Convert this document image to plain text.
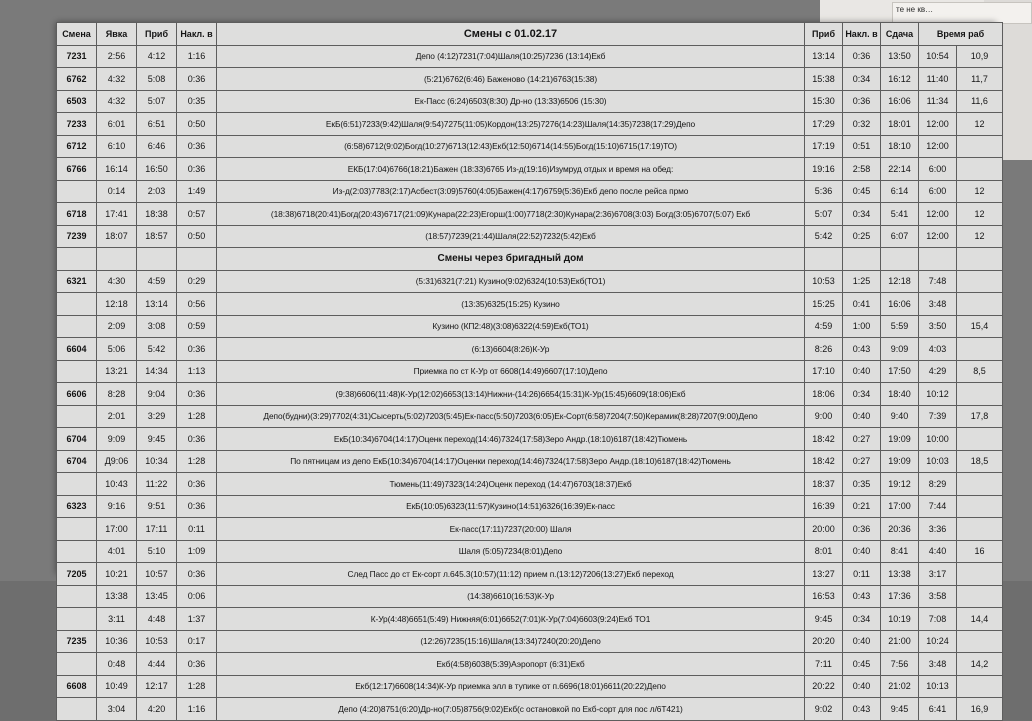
те не кв…
Смена	Явка	Приб	Накл. в	Смены с 01.02.17	Приб	Накл. в	Сдача	Время раб	
7231	2:56	4:12	1:16	Депо (4:12)7231(7:04)Шаля(10:25)7236 (13:14)Екб	13:14	0:36	13:50	10:54	10,9
6762	4:32	5:08	0:36	(5:21)6762(6:46) Баженово (14:21)6763(15:38)	15:38	0:34	16:12	11:40	11,7
6503	4:32	5:07	0:35	Ек-Пасс (6:24)6503(8:30) Др-но (13:33)6506 (15:30)	15:30	0:36	16:06	11:34	11,6
7233	6:01	6:51	0:50	ЕкБ(6:51)7233(9:42)Шаля(9:54)7275(11:05)Кордон(13:25)7276(14:23)Шаля(14:35)7238(17:29)Депо	17:29	0:32	18:01	12:00	12
6712	6:10	6:46	0:36	(6:58)6712(9:02)Богд(10:27)6713(12:43)Екб(12:50)6714(14:55)Богд(15:10)6715(17:19)ТО)	17:19	0:51	18:10	12:00	
6766	16:14	16:50	0:36	ЕКБ(17:04)6766(18:21)Бажен (18:33)6765 Из-д(19:16)Изумруд отдых и время на обед:	19:16	2:58	22:14	6:00	
	0:14	2:03	1:49	Из-д(2:03)7783(2:17)Асбест(3:09)5760(4:05)Бажен(4:17)6759(5:36)Екб депо после рейса прмо	5:36	0:45	6:14	6:00	12
6718	17:41	18:38	0:57	(18:38)6718(20:41)Богд(20:43)6717(21:09)Кунара(22:23)Егорш(1:00)7718(2:30)Кунара(2:36)6708(3:03) Богд(3:05)6707(5:07) Екб	5:07	0:34	5:41	12:00	12
7239	18:07	18:57	0:50	(18:57)7239(21:44)Шаля(22:52)7232(5:42)Екб	5:42	0:25	6:07	12:00	12
				Смены через бригадный дом					
6321	4:30	4:59	0:29	(5:31)6321(7:21) Кузино(9:02)6324(10:53)Екб(ТО1)	10:53	1:25	12:18	7:48	
	12:18	13:14	0:56	(13:35)6325(15:25) Кузино	15:25	0:41	16:06	3:48	
	2:09	3:08	0:59	Кузино (КП2:48)(3:08)6322(4:59)Екб(ТО1)	4:59	1:00	5:59	3:50	15,4
6604	5:06	5:42	0:36	(6:13)6604(8:26)К-Ур	8:26	0:43	9:09	4:03	
	13:21	14:34	1:13	Приемка по ст К-Ур от 6608(14:49)6607(17:10)Депо	17:10	0:40	17:50	4:29	8,5
6606	8:28	9:04	0:36	(9:38)6606(11:48)К-Ур(12:02)6653(13:14)Нижни-(14:26)6654(15:31)К-Ур(15:45)6609(18:06)Екб	18:06	0:34	18:40	10:12	
	2:01	3:29	1:28	Депо(будни)(3:29)7702(4:31)Сысерть(5:02)7203(5:45)Ек-пасс(5:50)7203(6:05)Ек-Сорт(6:58)7204(7:50)Керамик(8:28)7207(9:00)Депо	9:00	0:40	9:40	7:39	17,8
6704	9:09	9:45	0:36	ЕкБ(10:34)6704(14:17)Оценк переход(14:46)7324(17:58)Зеро Андр.(18:10)6187(18:42)Тюмень	18:42	0:27	19:09	10:00	
6704	Д9:06	10:34	1:28	По пятницам из депо ЕкБ(10:34)6704(14:17)Оценки переход(14:46)7324(17:58)Зеро Андр.(18:10)6187(18:42)Тюмень	18:42	0:27	19:09	10:03	18,5
	10:43	11:22	0:36	Тюмень(11:49)7323(14:24)Оценк переход (14:47)6703(18:37)Екб	18:37	0:35	19:12	8:29	
6323	9:16	9:51	0:36	ЕкБ(10:05)6323(11:57)Кузино(14:51)6326(16:39)Ек-пасс	16:39	0:21	17:00	7:44	
	17:00	17:11	0:11	Ек-пасс(17:11)7237(20:00) Шаля	20:00	0:36	20:36	3:36	
	4:01	5:10	1:09	Шаля (5:05)7234(8:01)Депо	8:01	0:40	8:41	4:40	16
7205	10:21	10:57	0:36	След Пасс до ст Ек-сорт л.645.3(10:57)(11:12) прием п.(13:12)7206(13:27)Екб переход	13:27	0:11	13:38	3:17	
	13:38	13:45	0:06	(14:38)6610(16:53)К-Ур	16:53	0:43	17:36	3:58	
	3:11	4:48	1:37	К-Ур(4:48)6651(5:49) Нижняя(6:01)6652(7:01)К-Ур(7:04)6603(9:24)Екб ТО1	9:45	0:34	10:19	7:08	14,4
7235	10:36	10:53	0:17	(12:26)7235(15:16)Шаля(13:34)7240(20:20)Депо	20:20	0:40	21:00	10:24	
	0:48	4:44	0:36	Екб(4:58)6038(5:39)Аэропорт (6:31)Екб	7:11	0:45	7:56	3:48	14,2
6608	10:49	12:17	1:28	Екб(12:17)6608(14:34)К-Ур приемка элл в тупике от п.6696(18:01)6611(20:22)Депо	20:22	0:40	21:02	10:13	
	3:04	4:20	1:16	Депо (4:20)8751(6:20)Др-но(7:05)8756(9:02)Екб(с остановкой по Екб-сорт для пос л/6Т421)	9:02	0:43	9:45	6:41	16,9
